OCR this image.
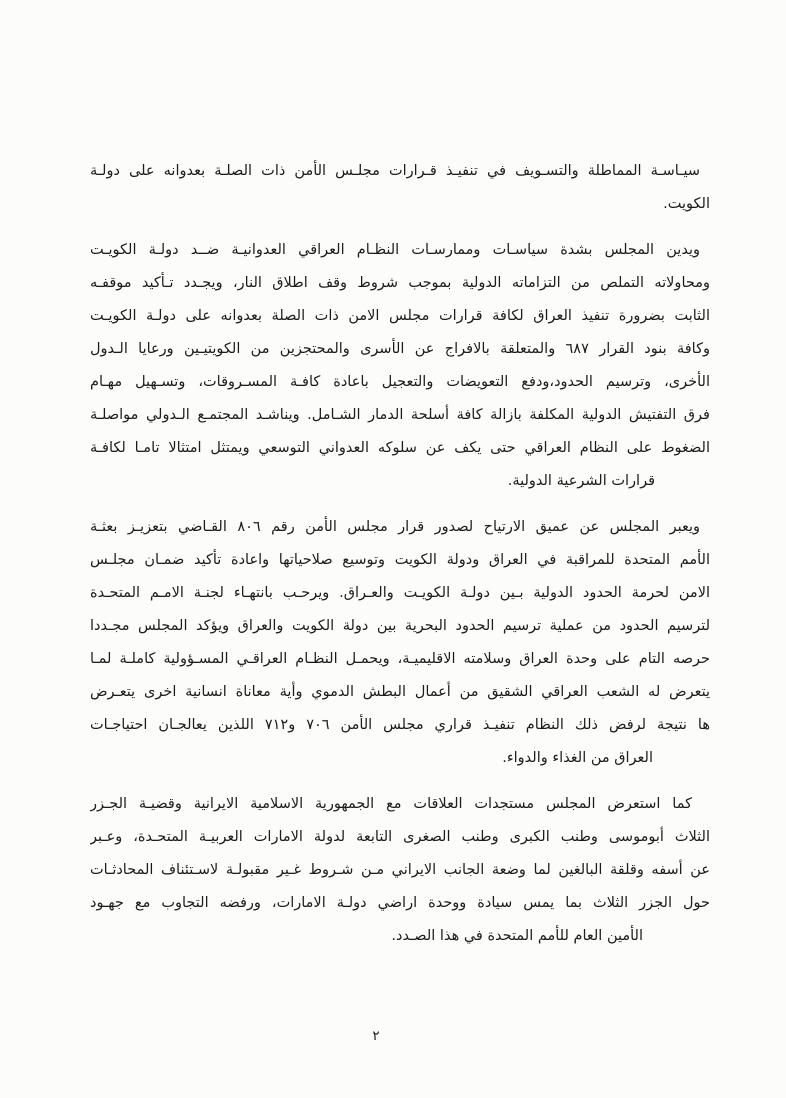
سيـاسـة المماطلة والتسـويف في تنفيـذ قـرارات مجلـس الأمن ذات الصلـة بعدوانه على دولـة
الكويت.
ويدين المجلس بشدة سياسـات وممارسـات النظـام العراقي العدوانيـة ضــد دولـة الكويـت
ومحاولاته التملص من التزاماته الدولية بموجب شروط وقف اطلاق النار، ويجـدد تـأكيد موقفـه
الثابت بضرورة تنفيذ العراق لكافة قرارات مجلس الامن ذات الصلة بعدوانه على دولـة الكويـت
وكافة بنود القرار ٦٨٧ والمتعلقة بالافراج عن الأسرى والمحتجزين من الكويتيـين ورعايا الـدول
الأخرى، وترسيم الحدود،ودفع التعويضات والتعجيل باعادة كافـة المسـروقات، وتسـهيل مهـام
فرق التفتيش الدولية المكلفة بازالة كافة أسلحة الدمار الشـامل. ويناشـد المجتمـع الـدولي مواصلـة
الضغوط على النظام العراقي حتى يكف عن سلوكه العدواني التوسعي ويمتثل امتثالا تامـا لكافـة
قرارات الشرعية الدولية.
ويعبر المجلس عن عميق الارتياح لصدور قرار مجلس الأمن رقم ٨٠٦ القـاضي بتعزيـز بعثـة
الأمم المتحدة للمراقبة في العراق ودولة الكويت وتوسيع صلاحياتها واعادة تأكيد ضمـان مجلـس
الامن لحرمة الحدود الدولية بـين دولـة الكويـت والعـراق. ويرحـب بانتهـاء لجنـة الامـم المتحـدة
لترسيم الحدود من عملية ترسيم الحدود البحرية بين دولة الكويت والعراق ويؤكد المجلس مجـددا
حرصه التام على وحدة العراق وسلامته الاقليميـة، ويحمـل النظـام العراقـي المسـؤولية كاملـة لمـا
يتعرض له الشعب العراقي الشقيق من أعمال البطش الدموي وأية معاناة انسانية اخرى يتعـرض
ها نتيجة لرفض ذلك النظام تنفيـذ قراري مجلس الأمن ٧٠٦ و٧١٢ اللذين يعالجـان احتياجـات
العراق من الغذاء والدواء.
كما استعرض المجلس مستجدات العلاقات مع الجمهورية الاسلامية الايرانية وقضيـة الجـزر
الثلاث أبوموسى وطنب الكبرى وطنب الصغرى التابعة لدولة الامارات العربيـة المتحـدة، وعـبر
عن أسفه وقلقة البالغين لما وضعة الجانب الايراني مـن شـروط غـير مقبولـة لاسـتئناف المحادثـات
حول الجزر الثلاث بما يمس سيادة ووحدة اراضي دولـة الامارات، ورفضه التجاوب مع جهـود
الأمين العام للأمم المتحدة في هذا الصـدد.
٢
